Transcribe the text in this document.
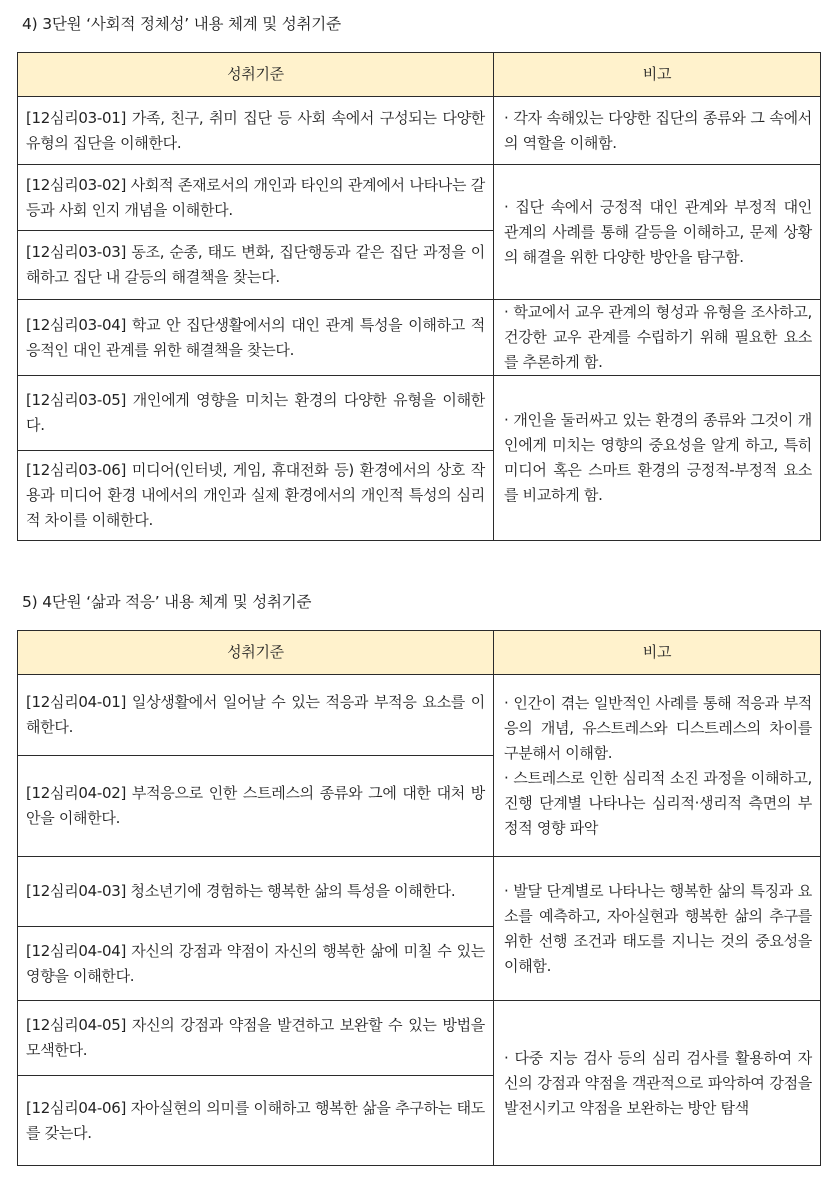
4) 3단원 ‘사회적 정체성’ 내용 체계 및 성취기준
성취기준	비고
[12심리03-01] 가족, 친구, 취미 집단 등 사회 속에서 구성되는 다양한 유형의 집단을 이해한다.	· 각자 속해있는 다양한 집단의 종류와 그 속에서의 역할을 이해함.
[12심리03-02] 사회적 존재로서의 개인과 타인의 관계에서 나타나는 갈등과 사회 인지 개념을 이해한다.	· 집단 속에서 긍정적 대인 관계와 부정적 대인 관계의 사례를 통해 갈등을 이해하고, 문제 상황의 해결을 위한 다양한 방안을 탐구함.
[12심리03-03] 동조, 순종, 태도 변화, 집단행동과 같은 집단 과정을 이해하고 집단 내 갈등의 해결책을 찾는다.	
[12심리03-04] 학교 안 집단생활에서의 대인 관계 특성을 이해하고 적응적인 대인 관계를 위한 해결책을 찾는다.	· 학교에서 교우 관계의 형성과 유형을 조사하고, 건강한 교우 관계를 수립하기 위해 필요한 요소를 추론하게 함.
[12심리03-05] 개인에게 영향을 미치는 환경의 다양한 유형을 이해한다.	· 개인을 둘러싸고 있는 환경의 종류와 그것이 개인에게 미치는 영향의 중요성을 알게 하고, 특히 미디어 혹은 스마트 환경의 긍정적-부정적 요소를 비교하게 함.
[12심리03-06] 미디어(인터넷, 게임, 휴대전화 등) 환경에서의 상호 작용과 미디어 환경 내에서의 개인과 실제 환경에서의 개인적 특성의 심리적 차이를 이해한다.	
5) 4단원 ‘삶과 적응’ 내용 체계 및 성취기준
성취기준	비고
[12심리04-01] 일상생활에서 일어날 수 있는 적응과 부적응 요소를 이해한다.	· 인간이 겪는 일반적인 사례를 통해 적응과 부적응의 개념, 유스트레스와 디스트레스의 차이를 구분해서 이해함.
· 스트레스로 인한 심리적 소진 과정을 이해하고, 진행 단계별 나타나는 심리적·생리적 측면의 부정적 영향 파악

[12심리04-02] 부적응으로 인한 스트레스의 종류와 그에 대한 대처 방안을 이해한다.	
[12심리04-03] 청소년기에 경험하는 행복한 삶의 특성을 이해한다.	· 발달 단계별로 나타나는 행복한 삶의 특징과 요소를 예측하고, 자아실현과 행복한 삶의 추구를 위한 선행 조건과 태도를 지니는 것의 중요성을 이해함.
[12심리04-04] 자신의 강점과 약점이 자신의 행복한 삶에 미칠 수 있는 영향을 이해한다.	
[12심리04-05] 자신의 강점과 약점을 발견하고 보완할 수 있는 방법을 모색한다.	· 다중 지능 검사 등의 심리 검사를 활용하여 자신의 강점과 약점을 객관적으로 파악하여 강점을 발전시키고 약점을 보완하는 방안 탐색
[12심리04-06] 자아실현의 의미를 이해하고 행복한 삶을 추구하는 태도를 갖는다.	
